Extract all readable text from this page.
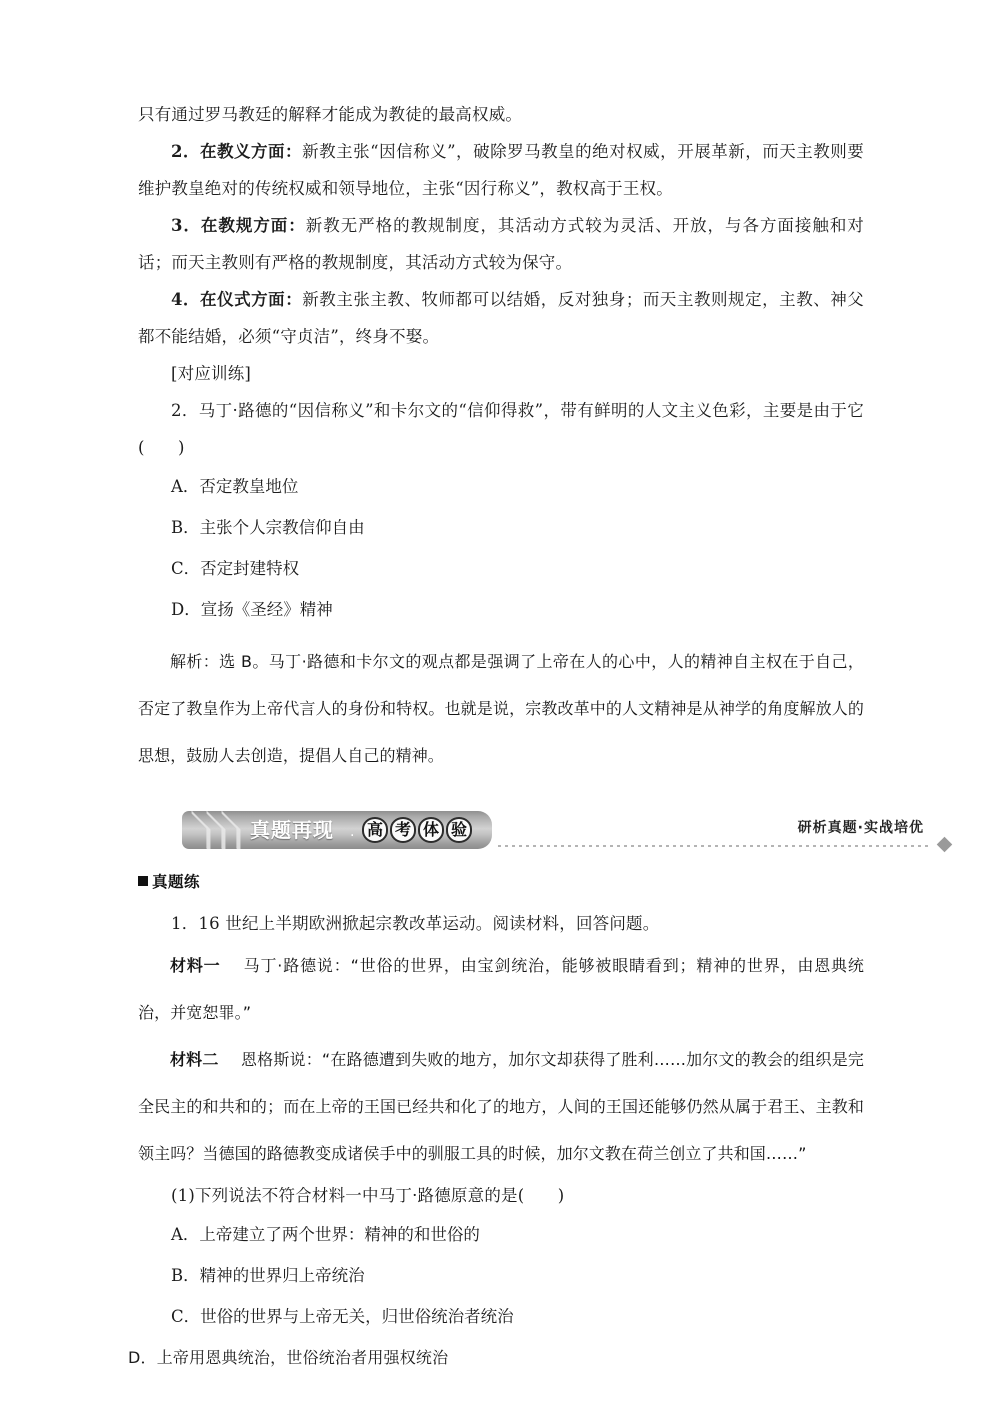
只有通过罗马教廷的解释才能成为教徒的最高权威。

2．在教义方面：新教主张“因信称义”，破除罗马教皇的绝对权威，开展革新，而天主教则要维护教皇绝对的传统权威和领导地位，主张“因行称义”，教权高于王权。

3．在教规方面：新教无严格的教规制度，其活动方式较为灵活、开放，与各方面接触和对话；而天主教则有严格的教规制度，其活动方式较为保守。

4．在仪式方面：新教主张主教、牧师都可以结婚，反对独身；而天主教则规定，主教、神父都不能结婚，必须“守贞洁”，终身不娶。

[对应训练]

2．马丁·路德的“因信称义”和卡尔文的“信仰得救”，带有鲜明的人文主义色彩，主要是由于它(　　)

A．否定教皇地位

B．主张个人宗教信仰自由

C．否定封建特权

D．宣扬《圣经》精神

解析：选 B。马丁·路德和卡尔文的观点都是强调了上帝在人的心中，人的精神自主权在于自己，否定了教皇作为上帝代言人的身份和特权。也就是说，宗教改革中的人文精神是从神学的角度解放人的思想，鼓励人去创造，提倡人自己的精神。

真题再现 · 高 考 体 验	研析真题·实战培优

真题练

1．16 世纪上半期欧洲掀起宗教改革运动。阅读材料，回答问题。

材料一 马丁·路德说：“世俗的世界，由宝剑统治，能够被眼睛看到；精神的世界，由恩典统治，并宽恕罪。”

材料二 恩格斯说：“在路德遭到失败的地方，加尔文却获得了胜利……加尔文的教会的组织是完全民主的和共和的；而在上帝的王国已经共和化了的地方，人间的王国还能够仍然从属于君王、主教和领主吗？当德国的路德教变成诸侯手中的驯服工具的时候，加尔文教在荷兰创立了共和国……”

(1)下列说法不符合材料一中马丁·路德原意的是(　　)

A．上帝建立了两个世界：精神的和世俗的

B．精神的世界归上帝统治

C．世俗的世界与上帝无关，归世俗统治者统治

D．上帝用恩典统治，世俗统治者用强权统治
